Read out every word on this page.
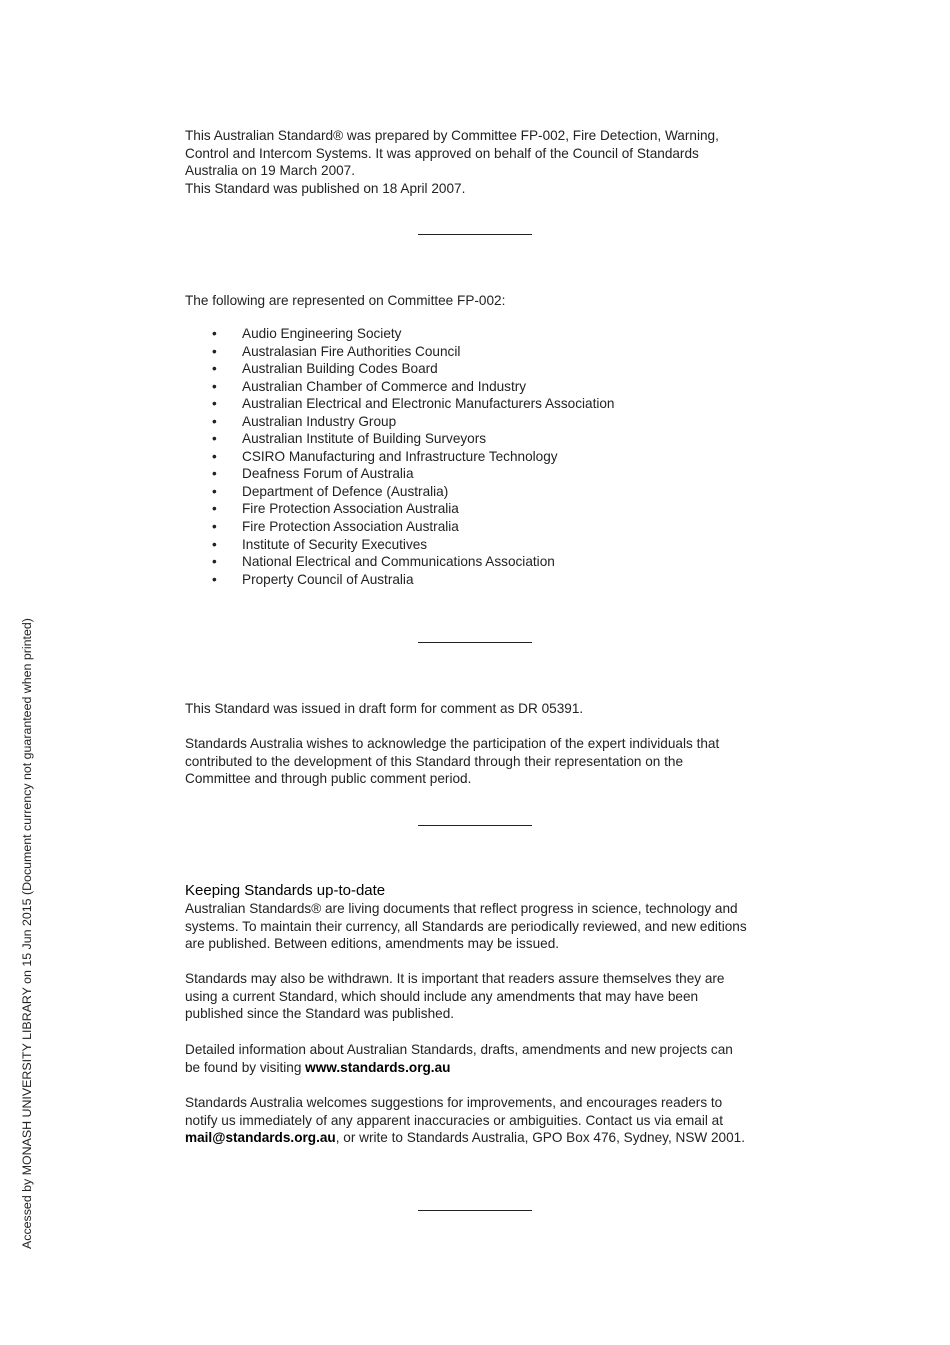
This Australian Standard® was prepared by Committee FP-002, Fire Detection, Warning,

Control and Intercom Systems. It was approved on behalf of the Council of Standards

Australia on 19 March 2007.

This Standard was published on 18 April 2007.

The following are represented on Committee FP-002:

• Audio Engineering Society
• Australasian Fire Authorities Council
• Australian Building Codes Board
• Australian Chamber of Commerce and Industry
• Australian Electrical and Electronic Manufacturers Association
• Australian Industry Group
• Australian Institute of Building Surveyors
• CSIRO Manufacturing and Infrastructure Technology
• Deafness Forum of Australia
• Department of Defence (Australia)
• Fire Protection Association Australia
• Fire Protection Association Australia
• Institute of Security Executives
• National Electrical and Communications Association
• Property Council of Australia

This Standard was issued in draft form for comment as DR 05391.

Standards Australia wishes to acknowledge the participation of the expert individuals that

contributed to the development of this Standard through their representation on the

Committee and through public comment period.

Keeping Standards up-to-date

Australian Standards® are living documents that reflect progress in science, technology and

systems. To maintain their currency, all Standards are periodically reviewed, and new editions

are published. Between editions, amendments may be issued.

Standards may also be withdrawn. It is important that readers assure themselves they are

using a current Standard, which should include any amendments that may have been

published since the Standard was published.

Detailed information about Australian Standards, drafts, amendments and new projects can

be found by visiting www.standards.org.au

Standards Australia welcomes suggestions for improvements, and encourages readers to

notify us immediately of any apparent inaccuracies or ambiguities. Contact us via email at

mail@standards.org.au, or write to Standards Australia, GPO Box 476, Sydney, NSW 2001.

Accessed by MONASH UNIVERSITY LIBRARY on 15 Jun 2015 (Document currency not guaranteed when printed)
